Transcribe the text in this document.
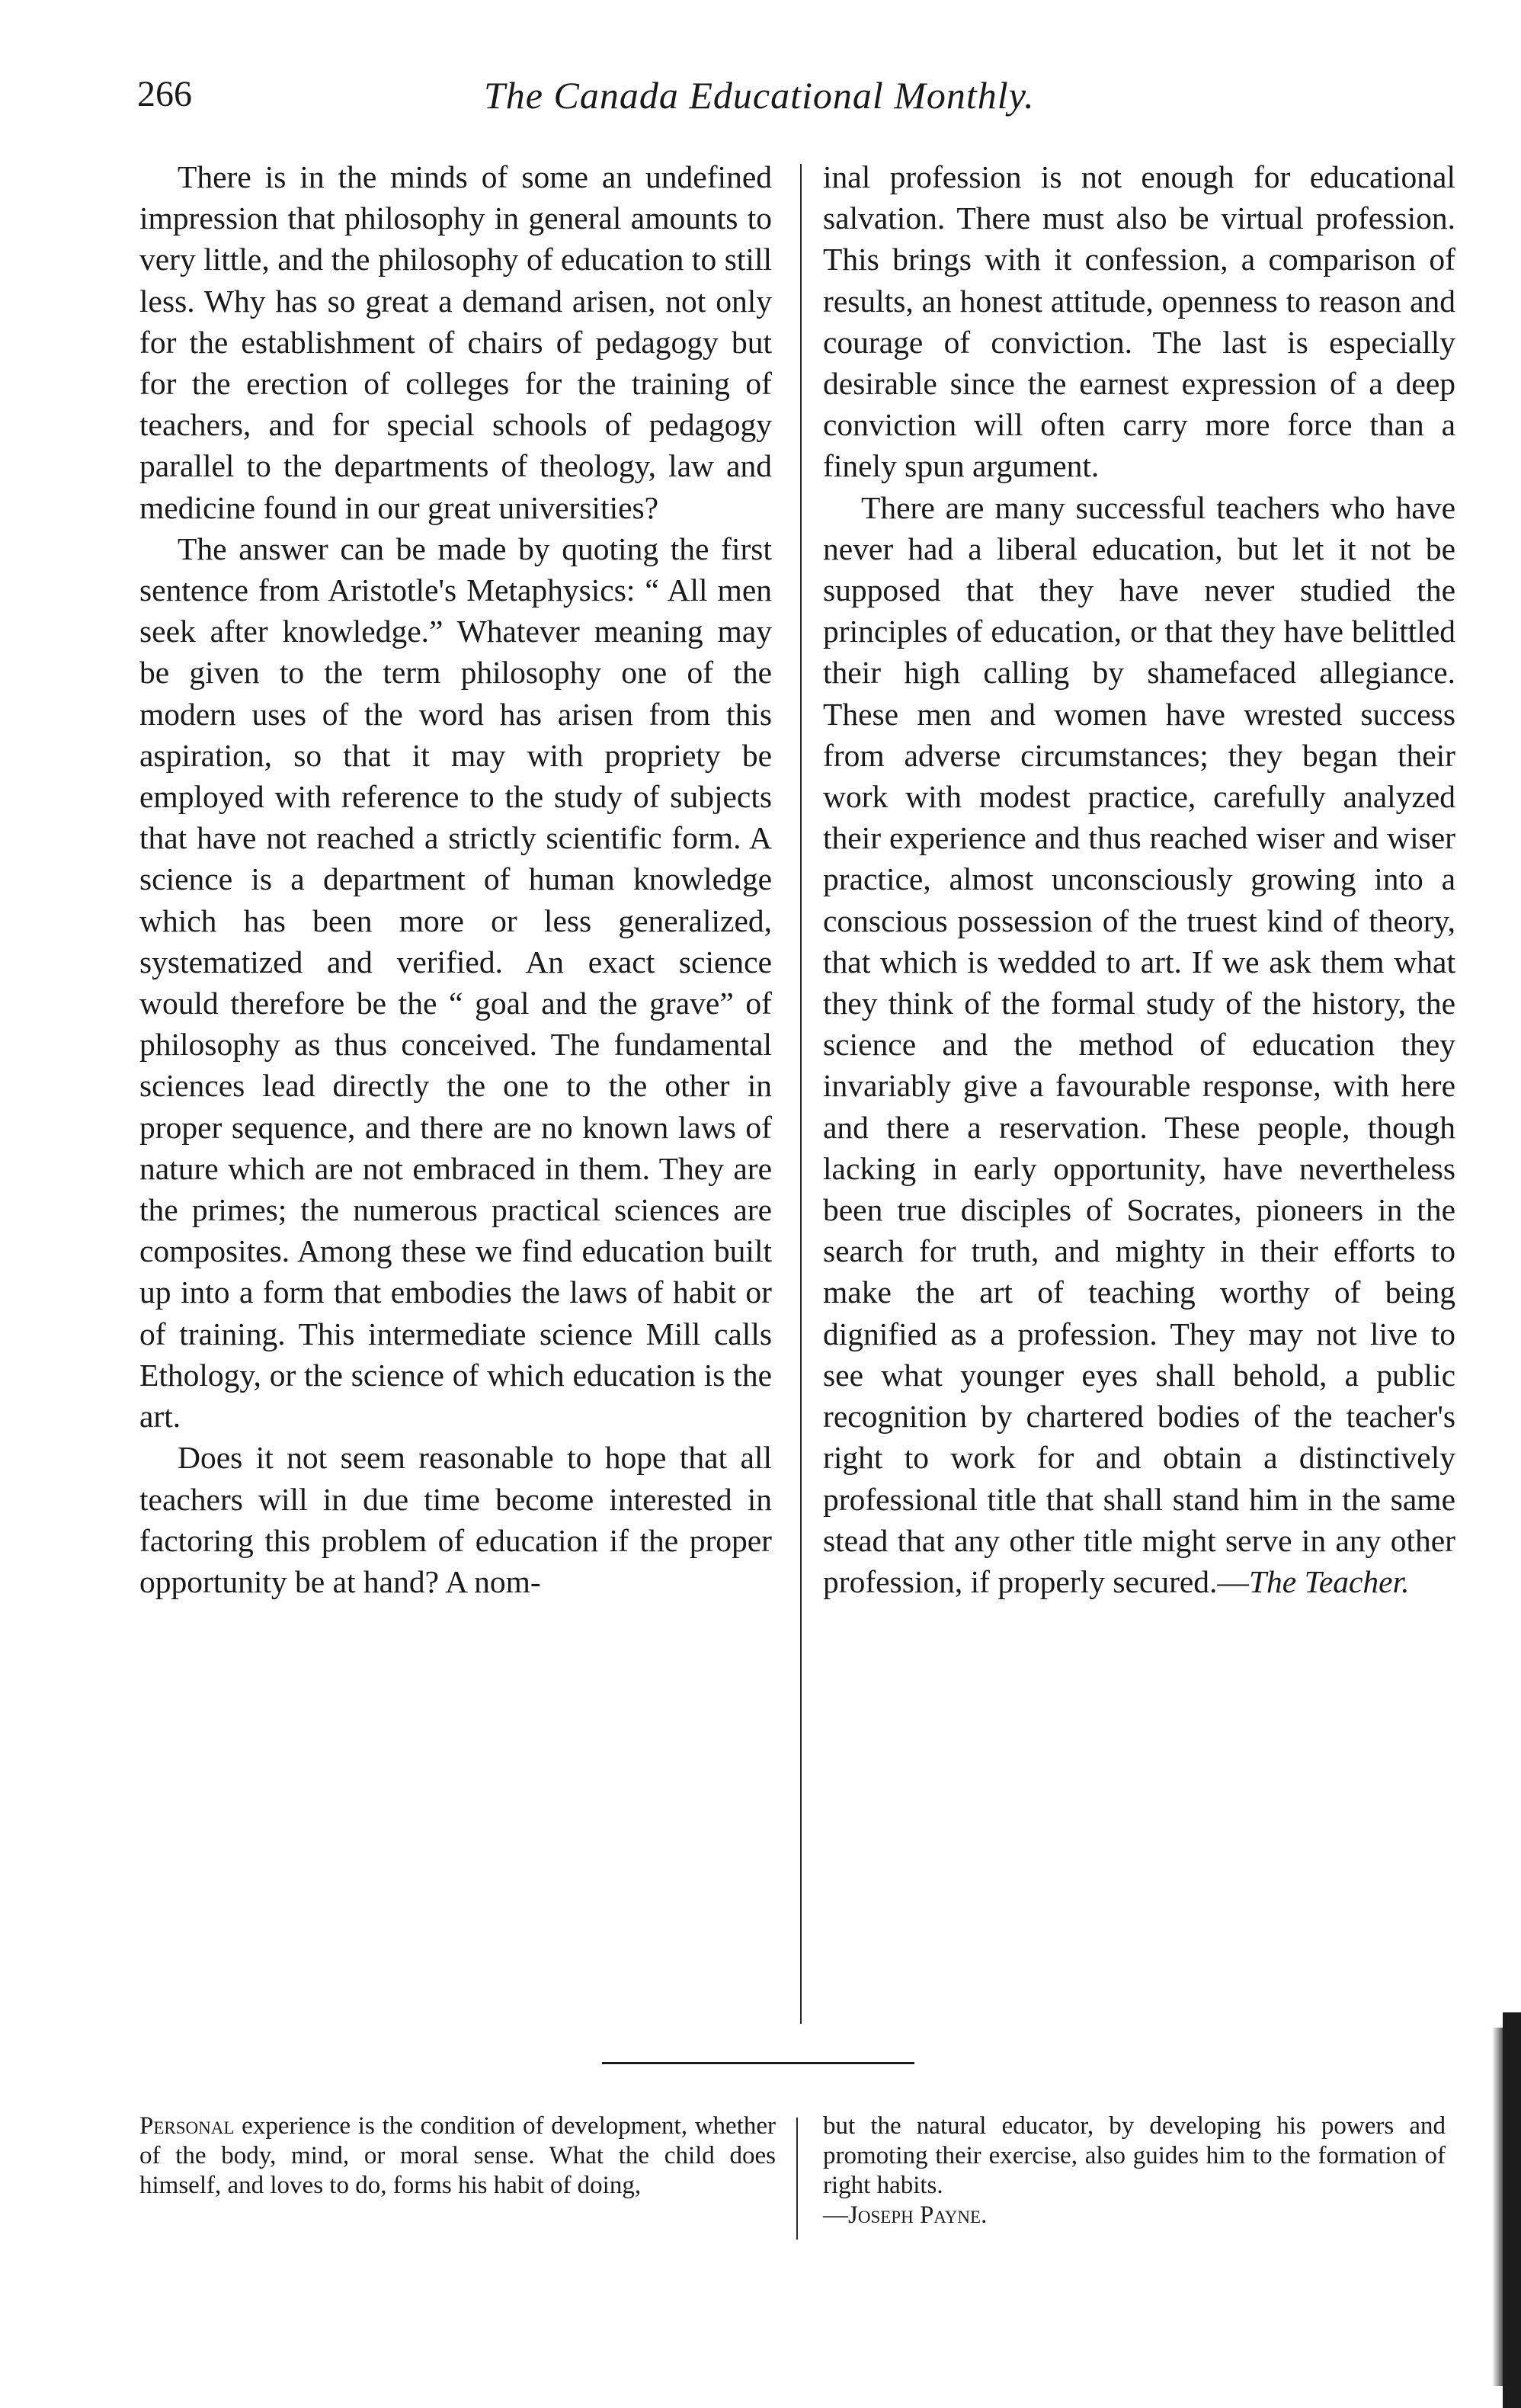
266	The Canada Educational Monthly.

There is in the minds of some an undefined impression that philosophy in general amounts to very little, and the philosophy of education to still less. Why has so great a demand arisen, not only for the establishment of chairs of pedagogy but for the erection of colleges for the training of teachers, and for special schools of pedagogy parallel to the departments of theology, law and medicine found in our great universities?

The answer can be made by quoting the first sentence from Aristotle's Metaphysics: “ All men seek after knowledge.” Whatever meaning may be given to the term philosophy one of the modern uses of the word has arisen from this aspiration, so that it may with propriety be employed with reference to the study of subjects that have not reached a strictly scientific form. A science is a department of human knowledge which has been more or less generalized, systematized and verified. An exact science would therefore be the “ goal and the grave” of philosophy as thus conceived. The fundamental sciences lead directly the one to the other in proper sequence, and there are no known laws of nature which are not embraced in them. They are the primes; the numerous practical sciences are composites. Among these we find education built up into a form that embodies the laws of habit or of training. This intermediate science Mill calls Ethology, or the science of which education is the art.

Does it not seem reasonable to hope that all teachers will in due time become interested in factoring this problem of education if the proper opportunity be at hand? A nom-

inal profession is not enough for educational salvation. There must also be virtual profession. This brings with it confession, a comparison of results, an honest attitude, openness to reason and courage of conviction. The last is especially desirable since the earnest expression of a deep conviction will often carry more force than a finely spun argument.

There are many successful teachers who have never had a liberal education, but let it not be supposed that they have never studied the principles of education, or that they have belittled their high calling by shamefaced allegiance. These men and women have wrested success from adverse circumstances; they began their work with modest practice, carefully analyzed their experience and thus reached wiser and wiser practice, almost unconsciously growing into a conscious possession of the truest kind of theory, that which is wedded to art. If we ask them what they think of the formal study of the history, the science and the method of education they invariably give a favourable response, with here and there a reservation. These people, though lacking in early opportunity, have nevertheless been true disciples of Socrates, pioneers in the search for truth, and mighty in their efforts to make the art of teaching worthy of being dignified as a profession. They may not live to see what younger eyes shall behold, a public recognition by chartered bodies of the teacher's right to work for and obtain a distinctively professional title that shall stand him in the same stead that any other title might serve in any other profession, if properly secured.—The Teacher.

Personal experience is the condition of development, whether of the body, mind, or moral sense. What the child does himself, and loves to do, forms his habit of doing,
but the natural educator, by developing his powers and promoting their exercise, also guides him to the formation of right habits.
—Joseph Payne.
